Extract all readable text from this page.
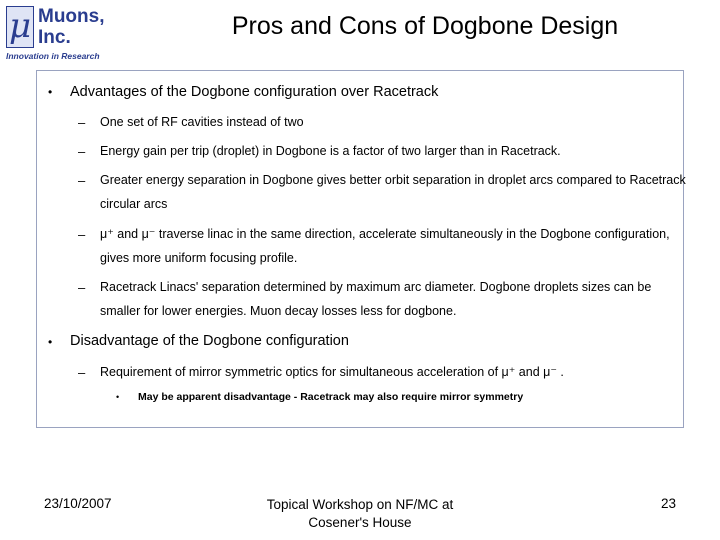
μ Muons,
Inc.
Innovation in Research
Pros and Cons of Dogbone Design
• Advantages of the Dogbone configuration over Racetrack
– One set of RF cavities instead of two
– Energy gain per trip (droplet) in Dogbone is a factor of two larger than in Racetrack.
– Greater energy separation in Dogbone gives better orbit separation in droplet arcs compared to Racetrack circular arcs
– μ⁺ and μ⁻ traverse linac in the same direction, accelerate simultaneously in the Dogbone configuration, gives more uniform focusing profile.
– Racetrack Linacs' separation determined by maximum arc diameter. Dogbone droplets sizes can be smaller for lower energies. Muon decay losses less for dogbone.
• Disadvantage of the Dogbone configuration
– Requirement of mirror symmetric optics for simultaneous acceleration of μ⁺ and μ⁻ .
• May be apparent disadvantage - Racetrack may also require mirror symmetry
23/10/2007	Topical Workshop on NF/MC at Cosener's House
23
